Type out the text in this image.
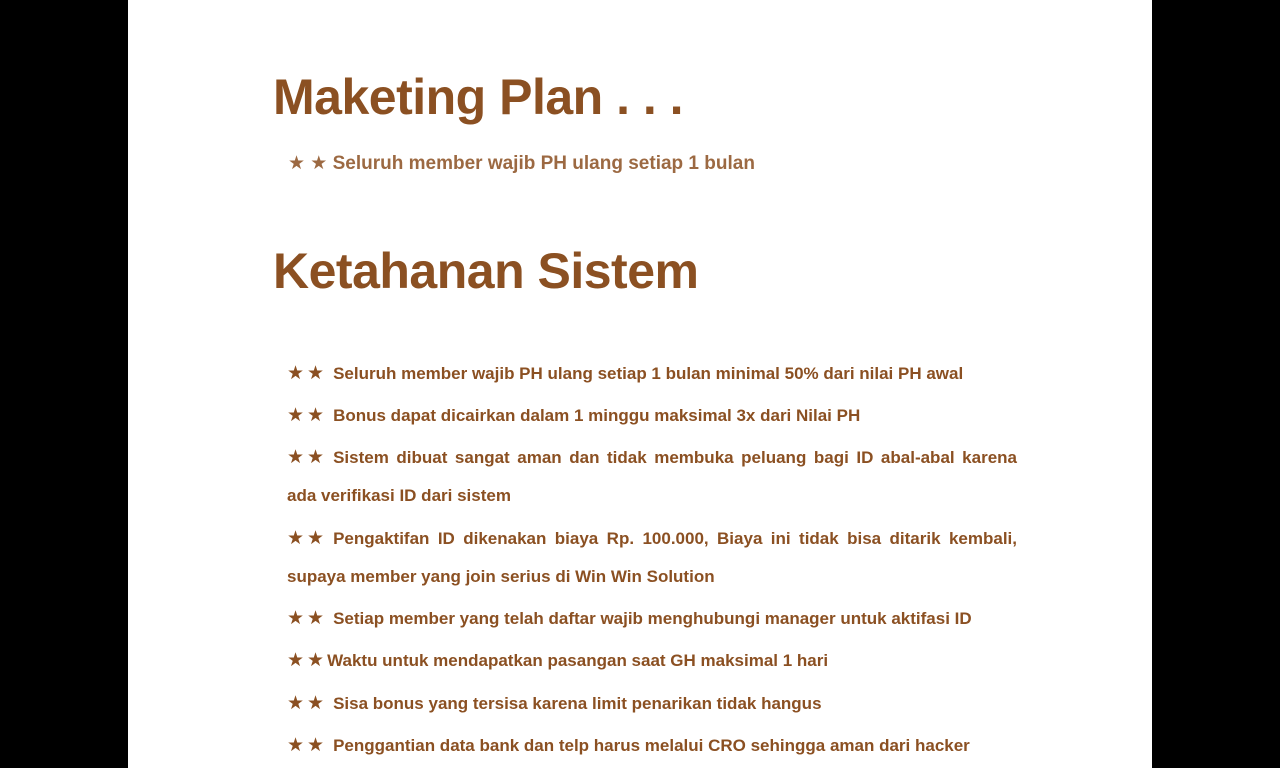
Maketing Plan . . .
★ ★ Seluruh member wajib PH ulang setiap 1 bulan
Ketahanan Sistem
★★ Seluruh member wajib PH ulang setiap 1 bulan minimal 50% dari nilai PH awal
★★ Bonus dapat dicairkan dalam 1 minggu maksimal 3x dari Nilai PH
★★ Sistem dibuat sangat aman dan tidak membuka peluang bagi ID abal-abal karena ada verifikasi ID dari sistem
★★ Pengaktifan ID dikenakan biaya Rp. 100.000, Biaya ini tidak bisa ditarik kembali, supaya member yang join serius di Win Win Solution
★★ Setiap member yang telah daftar wajib menghubungi manager untuk aktifasi ID
★★Waktu untuk mendapatkan pasangan saat GH maksimal 1 hari
★★ Sisa bonus yang tersisa karena limit penarikan tidak hangus
★★ Penggantian data bank dan telp harus melalui CRO sehingga aman dari hacker
